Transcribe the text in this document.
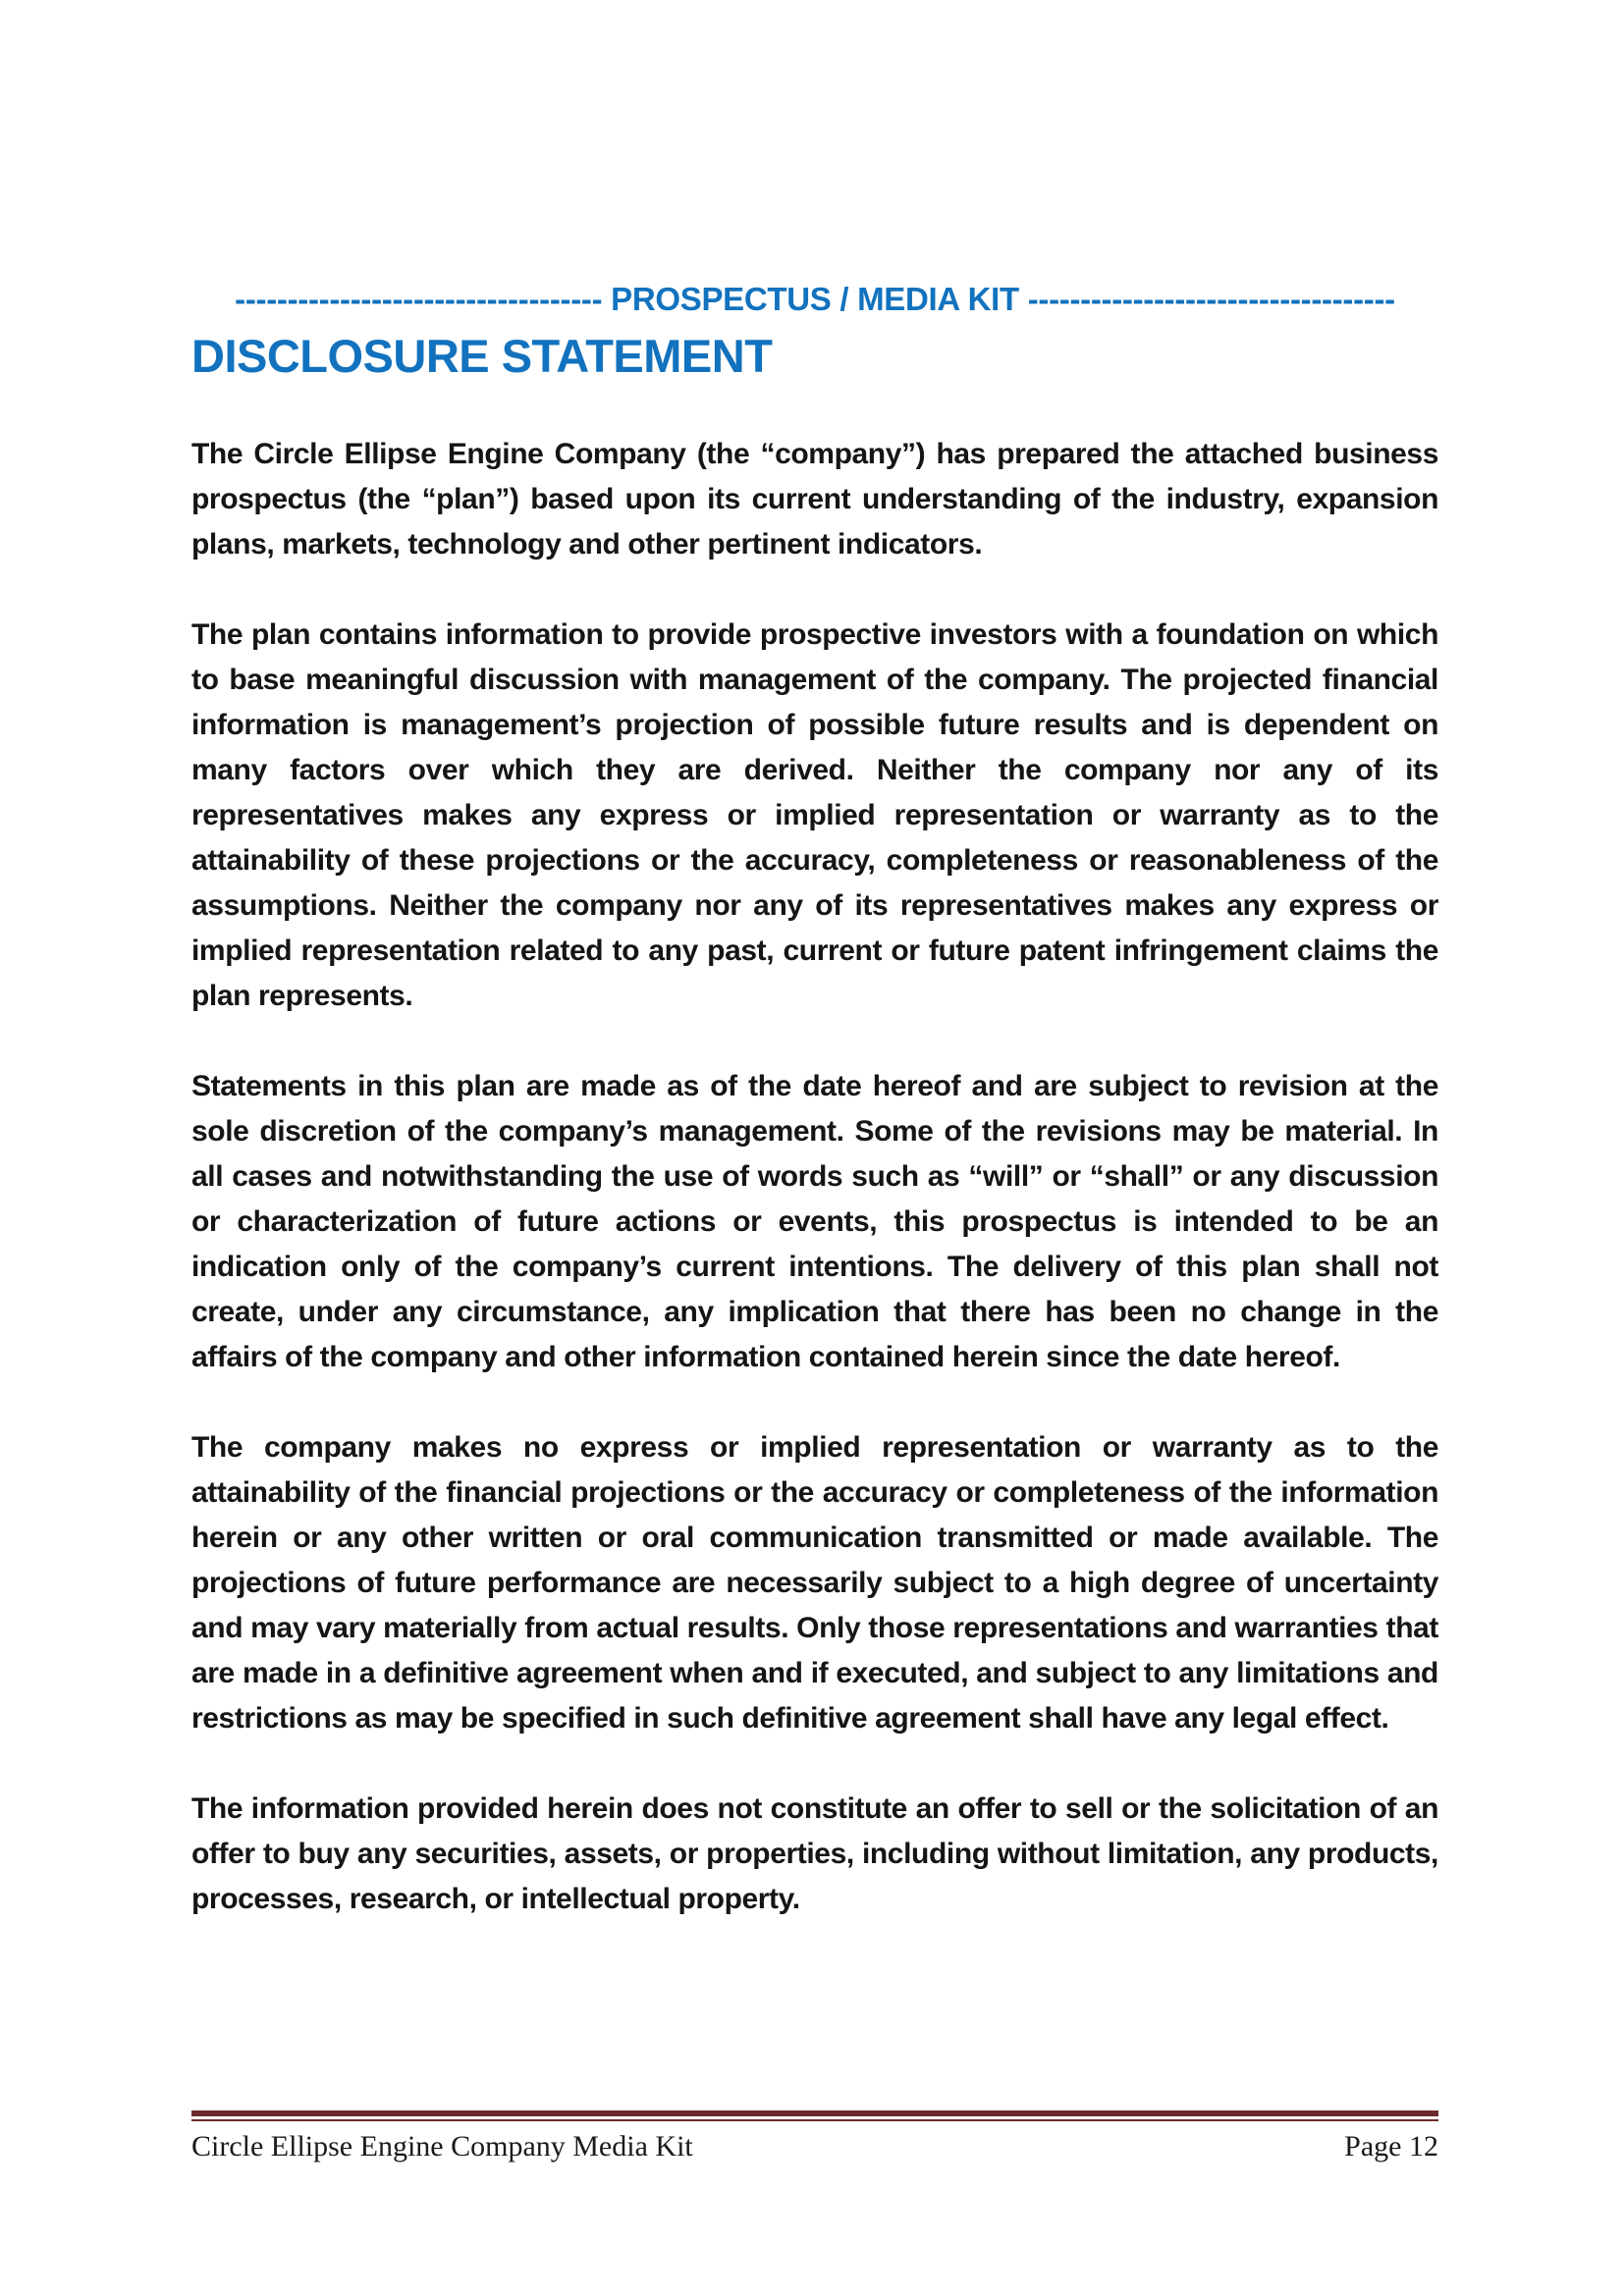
----------------------------------- PROSPECTUS / MEDIA KIT -----------------------------------
DISCLOSURE STATEMENT

The Circle Ellipse Engine Company (the “company”) has prepared the attached business prospectus (the “plan”) based upon its current understanding of the industry, expansion plans, markets, technology and other pertinent indicators.

The plan contains information to provide prospective investors with a foundation on which to base meaningful discussion with management of the company. The projected financial information is management’s projection of possible future results and is dependent on many factors over which they are derived. Neither the company nor any of its representatives makes any express or implied representation or warranty as to the attainability of these projections or the accuracy, completeness or reasonableness of the assumptions. Neither the company nor any of its representatives makes any express or implied representation related to any past, current or future patent infringement claims the plan represents.

Statements in this plan are made as of the date hereof and are subject to revision at the sole discretion of the company’s management. Some of the revisions may be material. In all cases and notwithstanding the use of words such as “will” or “shall” or any discussion or characterization of future actions or events, this prospectus is intended to be an indication only of the company’s current intentions. The delivery of this plan shall not create, under any circumstance, any implication that there has been no change in the affairs of the company and other information contained herein since the date hereof.

The company makes no express or implied representation or warranty as to the attainability of the financial projections or the accuracy or completeness of the information herein or any other written or oral communication transmitted or made available. The projections of future performance are necessarily subject to a high degree of uncertainty and may vary materially from actual results. Only those representations and warranties that are made in a definitive agreement when and if executed, and subject to any limitations and restrictions as may be specified in such definitive agreement shall have any legal effect.

The information provided herein does not constitute an offer to sell or the solicitation of an offer to buy any securities, assets, or properties, including without limitation, any products, processes, research, or intellectual property.

Circle Ellipse Engine Company Media Kit	Page 12
